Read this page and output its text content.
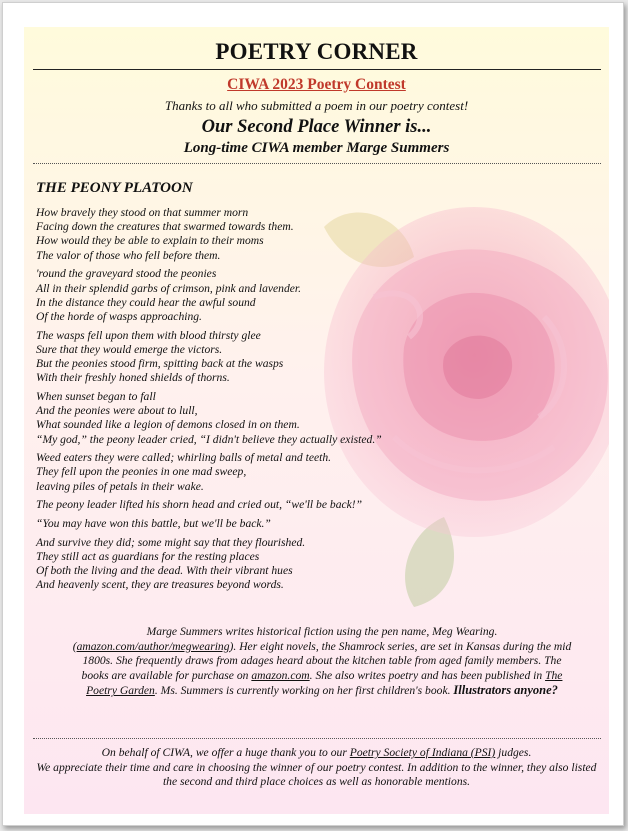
POETRY CORNER
CIWA 2023 Poetry Contest
Thanks to all who submitted a poem in our poetry contest!
Our Second Place Winner is...
Long-time CIWA member Marge Summers
THE PEONY PLATOON
How bravely they stood on that summer morn
Facing down the creatures that swarmed towards them.
How would they be able to explain to their moms
The valor of those who fell before them.
'round the graveyard stood the peonies
All in their splendid garbs of crimson, pink and lavender.
In the distance they could hear the awful sound
Of the horde of wasps approaching.
The wasps fell upon them with blood thirsty glee
Sure that they would emerge the victors.
But the peonies stood firm, spitting back at the wasps
With their freshly honed shields of thorns.
When sunset began to fall
And the peonies were about to lull,
What sounded like a legion of demons closed in on them.
“My god,” the peony leader cried, “I didn't believe they actually existed.”
Weed eaters they were called; whirling balls of metal and teeth.
They fell upon the peonies in one mad sweep,
leaving piles of petals in their wake.
The peony leader lifted his shorn head and cried out, “we'll be back!”
“You may have won this battle, but we'll be back.”
And survive they did; some might say that they flourished.
They still act as guardians for the resting places
Of both the living and the dead. With their vibrant hues
And heavenly scent, they are treasures beyond words.
Marge Summers writes historical fiction using the pen name, Meg Wearing. (amazon.com/author/megwearing). Her eight novels, the Shamrock series, are set in Kansas during the mid 1800s. She frequently draws from adages heard about the kitchen table from aged family members. The books are available for purchase on amazon.com. She also writes poetry and has been published in The Poetry Garden. Ms. Summers is currently working on her first children's book. Illustrators anyone?
On behalf of CIWA, we offer a huge thank you to our Poetry Society of Indiana (PSI) judges.
We appreciate their time and care in choosing the winner of our poetry contest. In addition to the winner, they also listed the second and third place choices as well as honorable mentions.
